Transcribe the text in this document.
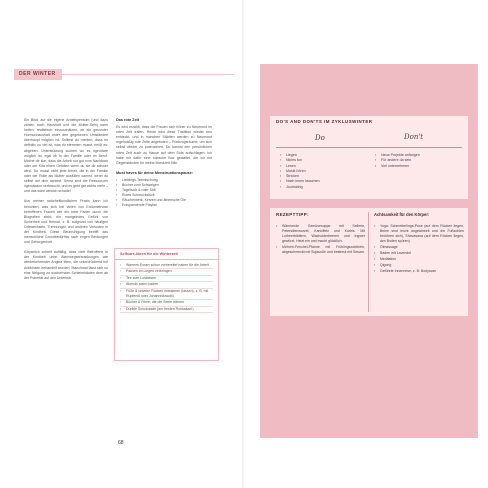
DER WINTER

Ein Blick auf die eigene Arbeitspensum (und dazu zählen auch Haushalt und die Mutter-Sein) kann helfen, realistisch einzuschätzen, ob ein gesunder Hormonhaushalt unter den gegebenen Umständen überhaupt möglich ist. Solltest du merken, dass es definitiv zu viel ist, was du stemmen musst, heißt es: abgeben. Unterstützung suchen wo es irgendwie möglich ist, egal ob in der Familie oder im Beruf. Mache dir klar, dass die Arbeit nur gut vom Nachbarn oder der Kita einen Gefallen wenn du sie dir schwer wirst. Du musst nicht jede Arbeit, die in der Familie oder der Rolle als Mutter ausfüllen kannst, wenn du selbst auf dich achtest. Senst sind die Ressourcen irgendwann verbraucht, und es geht gar nichts mehr – und das wäre wirklich schade!

Aus meiner naturheilkundlichen Praxis kann ich berichten, was sich bei vielen von Endometriose betroffenen Frauen wie ein roter Faden durch die Biografien zieht: ein mangelndes Gefühl von Sicherheit und Heimat, z. B. aufgrund von häufigen Ortswechseln, Trennungen und anderen Verlusten in der Kindheit. Diese Beunruhigung betrifft das menschliche Grundbedürfnis nach engen Bindungen und Geborgenheit.

Körperlich schreit auffällig, dass viele Betroffene in der Kindheit unter Atemwegserkrankungen wie wiederkehrender Angina litten, die unterdrückend mit Antibiosen behandelt wurden. Manchmal lässt sich so eine Neigung zu wuchernden Schleimhäuten dem ab der Pubertät auf den Unterleib.

Das rote Zelt

Es wird erzählt, dass die Frauen sich früher zu Neumond im roten Zelt trafen. Heute wird diese Tradition wieder neu entdeckt, und in manchen Städten werden zu Neumond regelmäßig rote Zelte angeboten – Rückzugsräume, um sich selbst wieder zu potenzieren. Du kannst den persönlichen roten Zelt auch zu Hause auf dem Sofa aufschlagen. Ich habe mir dafür eine hübsche Box gestaltet, die ich mit Gegenständen für meine Mondzeit fülle.

Must haves für deine Menstruationspause:
▪ Lieblings-Teemischung
▪ Bücher zum Schwelgen
▪ Tagebuch & roter Stift
▪ Rotes Schmuckstück
▪ Räucherwerk, Kerzen und ätherische Öle
▪ Entspannende Playlist
Selfcare-Ideen für die Winterzeit
▪ Warmes Essen schon vorbereitet haben für die Arbeit
▪ Pausen im Liegen verbringen
▪ Tee zum Loslassen
▪ Abends warm baden
▪ Füße & unteren Rücken massieren (lassen), z. B. mit Rupfenöl oder Johanniskrautöl
▪ Bücher & Filme, die die Seele nähren
▪ Dunkle Schokolade (am besten Rohkakao!)
68
DO'S AND DON'TS IM ZYKLUSWINTER
Do	Don't
▪ Liegen
▪ Nichts tun
▪ Lesen
▪ Musik hören
▪ Stricken
▪ Nach innen lauschen
▪ Journaling
▪ Neue Projekte anfangen
▪ Für andere da sein
▪ Viel unternehmen
REZEPTTIPP:
▪ Wärmende Gemüsesuppe mit Sellerie, Petersilienwurzel, Kartoffeln und Kürbis. Mit Lorbeerblättern, Wacholderbeeren und Ingwer gewürzt. Heizt ein und macht glücklich.
▪ Möhren-Fenchel-Pfanne mit Frühlingszwiebeln, abgeschmeckt mit Sojasoße und bestreut mit Sesam.
Achtsamkeit für den Körper:
▪ Yoga: Schmetterlings-Pose (auf dem Rücken liegen, Beine sind leicht angewinkelt und die Fußsohlen berühren sich), Shavasana (auf dem Rücken liegen, den Boden spüren)
▪ Ölmassage
▪ Baden mit Lavendel
▪ Meditation
▪ Qigong
▪ Geführte Innenreise, z. B. Bodyscan
